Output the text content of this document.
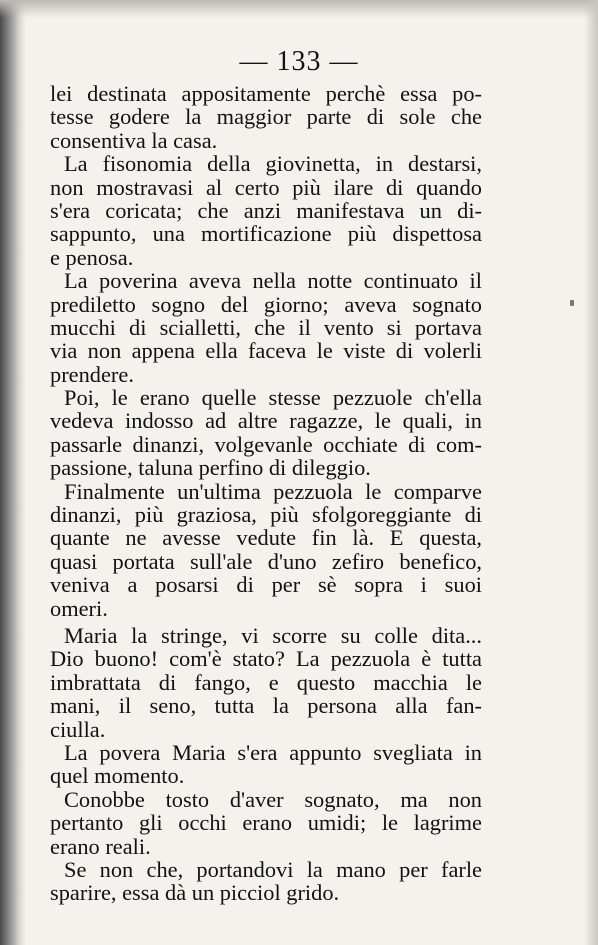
— 133 —
lei destinata appositamente perchè essa po-
tesse godere la maggior parte di sole che
consentiva la casa.
La fisonomia della giovinetta, in destarsi,
non mostravasi al certo più ilare di quando
s'era coricata; che anzi manifestava un di-
sappunto, una mortificazione più dispettosa
e penosa.
La poverina aveva nella notte continuato il
prediletto sogno del giorno; aveva sognato
mucchi di scialletti, che il vento si portava
via non appena ella faceva le viste di volerli
prendere.
Poi, le erano quelle stesse pezzuole ch'ella
vedeva indosso ad altre ragazze, le quali, in
passarle dinanzi, volgevanle occhiate di com-
passione, taluna perfino di dileggio.
Finalmente un'ultima pezzuola le comparve
dinanzi, più graziosa, più sfolgoreggiante di
quante ne avesse vedute fin là. E questa,
quasi portata sull'ale d'uno zefiro benefico,
veniva a posarsi di per sè sopra i suoi
omeri.
Maria la stringe, vi scorre su colle dita...
Dio buono! com'è stato? La pezzuola è tutta
imbrattata di fango, e questo macchia le
mani, il seno, tutta la persona alla fan-
ciulla.
La povera Maria s'era appunto svegliata in
quel momento.
Conobbe tosto d'aver sognato, ma non
pertanto gli occhi erano umidi; le lagrime
erano reali.
Se non che, portandovi la mano per farle
sparire, essa dà un picciol grido.
